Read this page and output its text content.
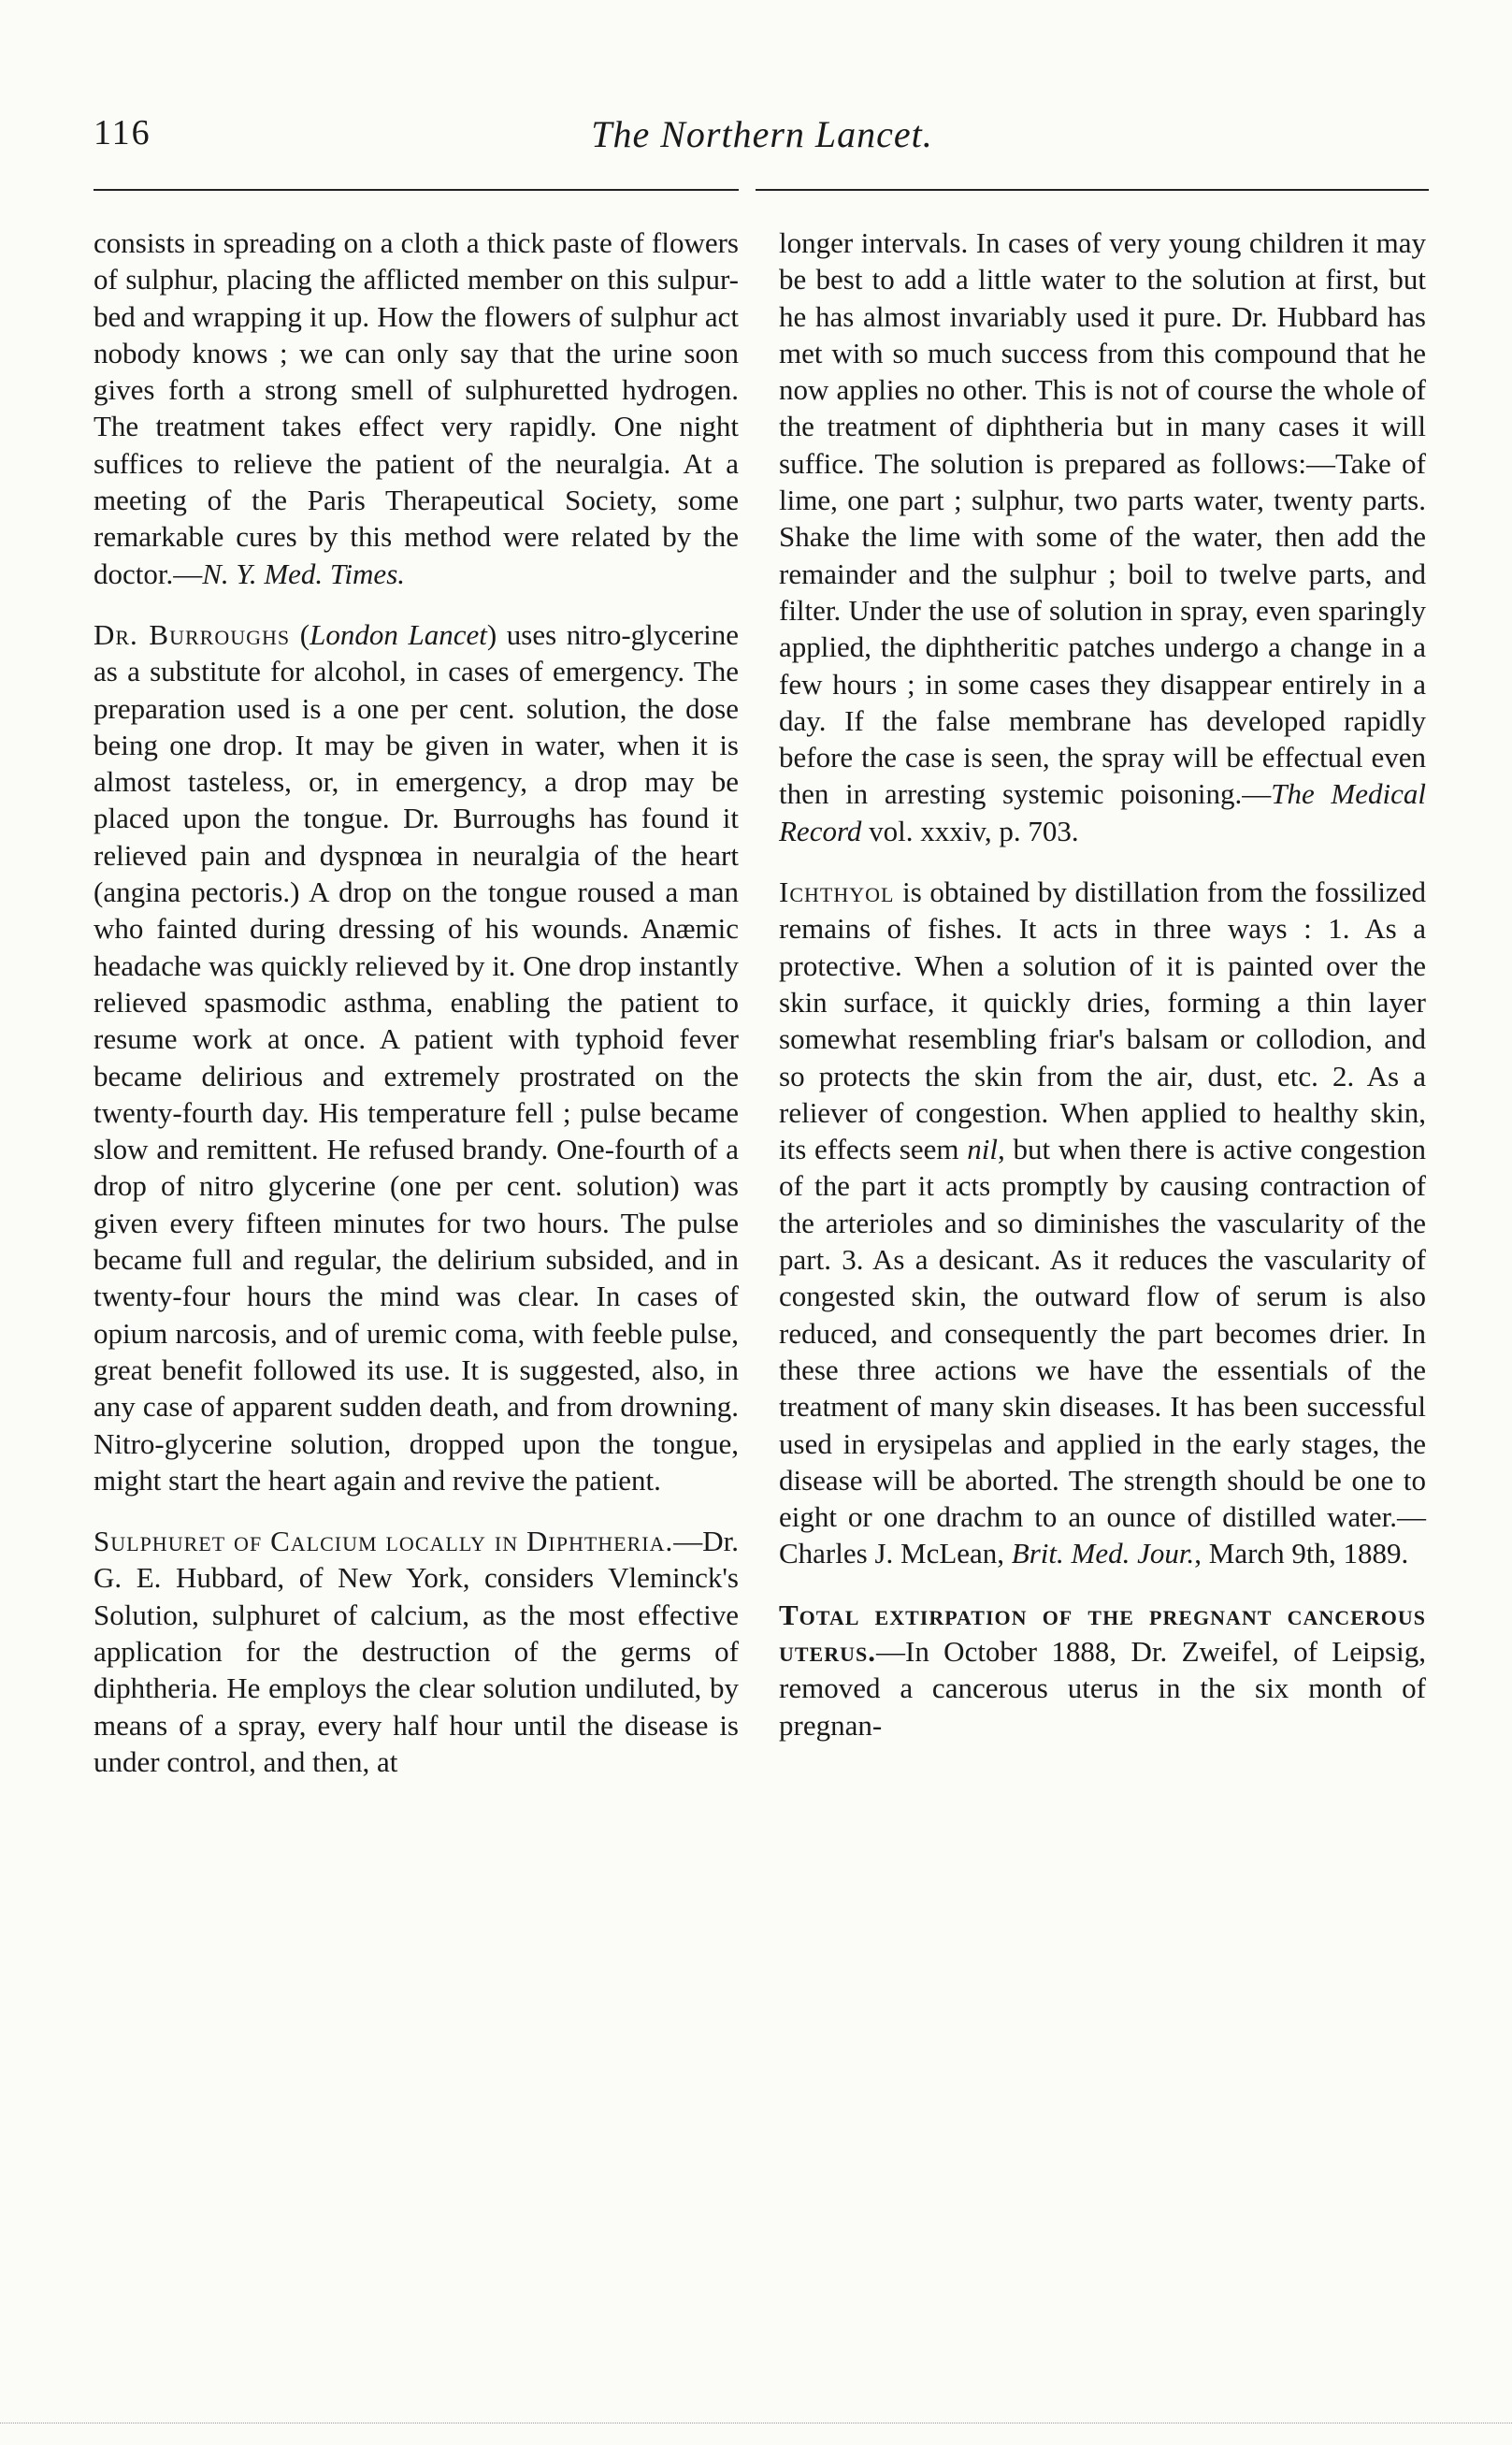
116	The Northern Lancet.

consists in spreading on a cloth a thick paste of flowers of sulphur, placing the afflicted member on this sulpur-bed and wrapping it up. How the flowers of sulphur act nobody knows ; we can only say that the urine soon gives forth a strong smell of sulphuretted hydrogen. The treatment takes effect very rapidly. One night suffices to relieve the patient of the neuralgia. At a meeting of the Paris Therapeutical Society, some remarkable cures by this method were related by the doctor.—N. Y. Med. Times.

Dr. Burroughs (London Lancet) uses nitro-glycerine as a substitute for alcohol, in cases of emergency. The preparation used is a one per cent. solution, the dose being one drop. It may be given in water, when it is almost tasteless, or, in emergency, a drop may be placed upon the tongue. Dr. Burroughs has found it relieved pain and dyspnœa in neuralgia of the heart (angina pectoris.) A drop on the tongue roused a man who fainted during dressing of his wounds. Anæmic headache was quickly relieved by it. One drop instantly relieved spasmodic asthma, enabling the patient to resume work at once. A patient with typhoid fever became delirious and extremely prostrated on the twenty-fourth day. His temperature fell ; pulse became slow and remittent. He refused brandy. One-fourth of a drop of nitro glycerine (one per cent. solution) was given every fifteen minutes for two hours. The pulse became full and regular, the delirium subsided, and in twenty-four hours the mind was clear. In cases of opium narcosis, and of uremic coma, with feeble pulse, great benefit followed its use. It is suggested, also, in any case of apparent sudden death, and from drowning. Nitro-glycerine solution, dropped upon the tongue, might start the heart again and revive the patient.

Sulphuret of Calcium locally in Diphtheria.—Dr. G. E. Hubbard, of New York, considers Vleminck's Solution, sulphuret of calcium, as the most effective application for the destruction of the germs of diphtheria. He employs the clear solution undiluted, by means of a spray, every half hour until the disease is under control, and then, at

longer intervals. In cases of very young children it may be best to add a little water to the solution at first, but he has almost invariably used it pure. Dr. Hubbard has met with so much success from this compound that he now applies no other. This is not of course the whole of the treatment of diphtheria but in many cases it will suffice. The solution is prepared as follows:—Take of lime, one part ; sulphur, two parts water, twenty parts. Shake the lime with some of the water, then add the remainder and the sulphur ; boil to twelve parts, and filter. Under the use of solution in spray, even sparingly applied, the diphtheritic patches undergo a change in a few hours ; in some cases they disappear entirely in a day. If the false membrane has developed rapidly before the case is seen, the spray will be effectual even then in arresting systemic poisoning.—The Medical Record vol. xxxiv, p. 703.

Ichthyol is obtained by distillation from the fossilized remains of fishes. It acts in three ways : 1. As a protective. When a solution of it is painted over the skin surface, it quickly dries, forming a thin layer somewhat resembling friar's balsam or collodion, and so protects the skin from the air, dust, etc. 2. As a reliever of congestion. When applied to healthy skin, its effects seem nil, but when there is active congestion of the part it acts promptly by causing contraction of the arterioles and so diminishes the vascularity of the part. 3. As a desicant. As it reduces the vascularity of congested skin, the outward flow of serum is also reduced, and consequently the part becomes drier. In these three actions we have the essentials of the treatment of many skin diseases. It has been successful used in erysipelas and applied in the early stages, the disease will be aborted. The strength should be one to eight or one drachm to an ounce of distilled water.—Charles J. McLean, Brit. Med. Jour., March 9th, 1889.

Total extirpation of the pregnant cancerous uterus.—In October 1888, Dr. Zweifel, of Leipsig, removed a cancerous uterus in the six month of pregnan-
